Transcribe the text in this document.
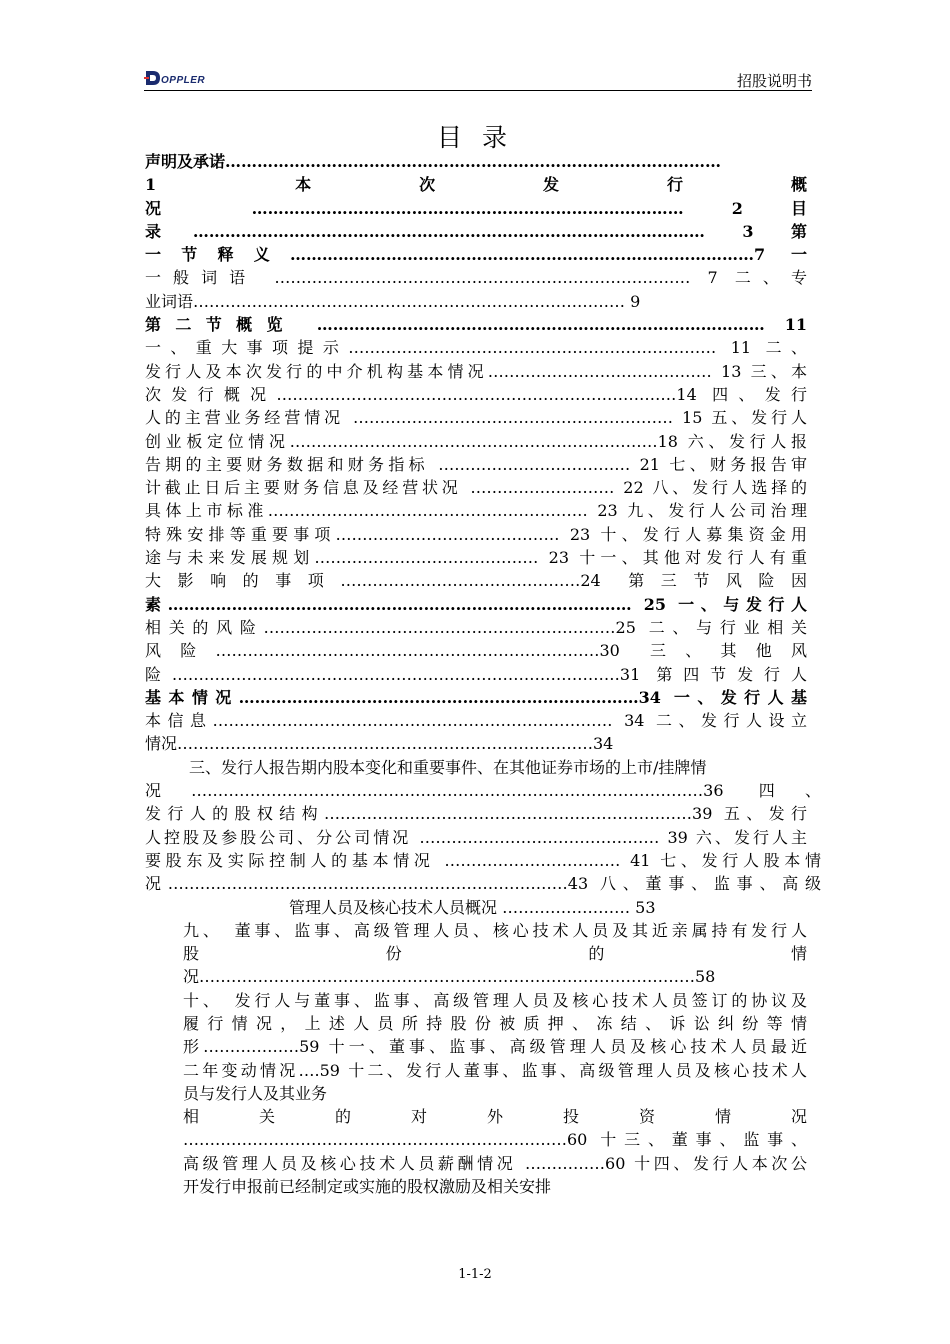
OPPLER	招股说明书
目 录
声明及承诺…………………………………………………………………………………
1　　　　本　　　次　　　发　　　行　　　概
况 ……………………………………………………………………… 2 目
录…………………………………………………………………………………… 3 第
一节释义……………………………………………………………………………7 一
一般词语 …………………………………………………………………… 7 二、专
业词语……………………………………………………………………… 9
第二节概览 ………………………………………………………………………… 11
一、重大事项提示…………………………………………………………… 11 二、
发行人及本次发行的中介机构基本情况…………………………………… 13 三、本
次发行概况…………………………………………………………………14 四、发行
人的主营业务经营情况 …………………………………………………… 15 五、发行人
创业板定位情况……………………………………………………………18 六、发行人报
告期的主要财务数据和财务指标 ……………………………… 21 七、财务报告审
计截止日后主要财务信息及经营状况 ……………………… 22 八、发行人选择的
具体上市标准…………………………………………………… 23 九、发行人公司治理
特殊安排等重要事项…………………………………… 23 十、发行人募集资金用
途与未来发展规划…………………………………… 23 十一、其他对发行人有重
大 影 响 的 事 项 ………………………………………24　第 三 节 风 险 因
素…………………………………………………………………………… 25 一、与发行人
相关的风险…………………………………………………………25 二、与行业相关
风 险 ………………………………………………………………30　三 、 其 他 风
险…………………………………………………………………………31 第四节发行人
基本情况…………………………………………………………………34 一、发行人基
本信息………………………………………………………………… 34 二、发行人设立
情况……………………………………………………………………34
三、发行人报告期内股本变化和重要事件、在其他证券市场的上市/挂牌情
况……………………………………………………………………………………36 四、
发行人的股权结构……………………………………………………………39 五、发行
人控股及参股公司、分公司情况 ……………………………………… 39 六、发行人主
要股东及实际控制人的基本情况 …………………………… 41 七、发行人股本情
况…………………………………………………………………43 八、董事、监事、高级
　　　　　　　　　管理人员及核心技术人员概况 …………………… 53
九、　董事、监事、高级管理人员、核心技术人员及其近亲属持有发行人
股　　　　　　　份　　　　　　　的　　　　　　　情
况…………………………………………………………………………………58
十、　发行人与董事、监事、高级管理人员及核心技术人员签订的协议及
履 行 情 况 ， 上 述 人 员 所 持 股 份 被 质 押 、 冻 结 、 诉 讼 纠 纷 等 情
形………………59 十一、董事、监事、高级管理人员及核心技术人员最近
二年变动情况….59 十二、发行人董事、监事、高级管理人员及核心技术人
员与发行人及其业务
相　　　关　　　的　　　对　　　外　　　投　　　资　　　情　　　况
………………………………………………………………60 十三、董事、监事、
高级管理人员及核心技术人员薪酬情况 ……………60 十四、发行人本次公
开发行申报前已经制定或实施的股权激励及相关安排
1-1-2
